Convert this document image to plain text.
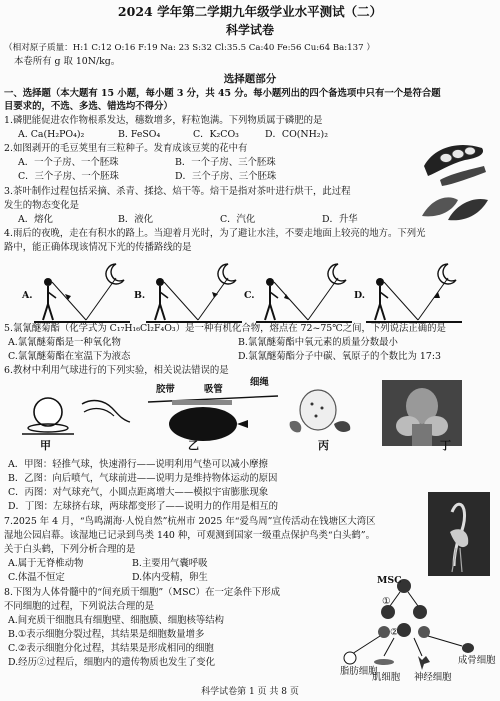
2024 学年第二学期九年级学业水平测试（二）
科学试卷
（相对原子质量：H:1 C:12 O:16 F:19 Na: 23 S:32 Cl:35.5 Ca:40 Fe:56 Cu:64 Ba:137 ）
本卷所有 g 取 10N/kg。
选择题部分
一、选择题（本大题有 15 小题，每小题 3 分，共 45 分。每小题列出的四个备选项中只有一个是符合题
目要求的，不选、多选、错选均不得分）
1.磷肥能促进农作物根系发达，穗数增多，籽粒饱满。下列物质属于磷肥的是
A. Ca(H₂PO₄)₂	B. FeSO₄	C．K₂CO₃	D．CO(NH₂)₂
2.如图剥开的毛豆荚里有三粒种子。发育成该豆荚的花中有
A．一个子房、一个胚珠	B．一个子房、三个胚珠
C．三个子房、一个胚珠	D．三个子房、三个胚珠
3.茶叶制作过程包括采摘、杀青、揉捻、焙干等。焙干是指对茶叶进行烘干，此过程
发生的物态变化是
A．熔化	B．液化	C．汽化	D．升华
4.雨后的夜晚，走在有积水的路上。当迎着月光时，为了避让水洼，不要走地面上较亮的地方。下列光
路中，能正确体现该情况下光的传播路线的是
A.	B.	C.	D.
5.氯氰醚菊酯（化学式为 C₁₇H₁₆Cl₂F₄O₃）是一种有机化合物，熔点在 72~75℃之间，下列说法正确的是
A.氯氰醚菊酯是一种氧化物	B.氯氰醚菊酯中氧元素的质量分数最小
C.氯氰醚菊酯在室温下为液态	D.氯氰醚菊酯分子中碳、氧原子的个数比为 17:3
6.教材中利用气球进行的下列实验，相关说法错误的是
甲
胶带	吸管
细绳
乙	丙	丁
A．甲图：轻推气球，快速滑行——说明利用气垫可以减小摩擦
B．乙图：向后喷气，气球前进——说明力是维持物体运动的原因
C．丙图：对气球充气，小圆点距离增大——模拟宇宙膨胀现象
D．丁图：左球挤右球，两球都变形了——说明力的作用是相互的
7.2025 年 4 月，“鸟鸣湖海·人悦自然”杭州市 2025 年“爱鸟周”宣传活动在钱塘区大湾区
湿地公园启幕。该湿地已记录到鸟类 140 种，可观测到国家一级重点保护鸟类“白头鹤”。
关于白头鹤，下列分析合理的是
A.属于无脊椎动物	B.主要用气囊呼吸
C.体温不恒定	D.体内受精，卵生
8.下图为人体骨髓中的“间充质干细胞”（MSC）在一定条件下形成
不同细胞的过程，下列说法合理的是
A.间充质干细胞具有细胞壁、细胞膜、细胞核等结构
B.①表示细胞分裂过程，其结果是细胞数量增多
C.②表示细胞分化过程，其结果是形成相同的细胞
D.经历②过程后，细胞内的遗传物质也发生了变化
MSC
①
②
脂肪细胞
肌细胞 神经细胞
成骨细胞
科学试卷第 1 页 共 8 页
